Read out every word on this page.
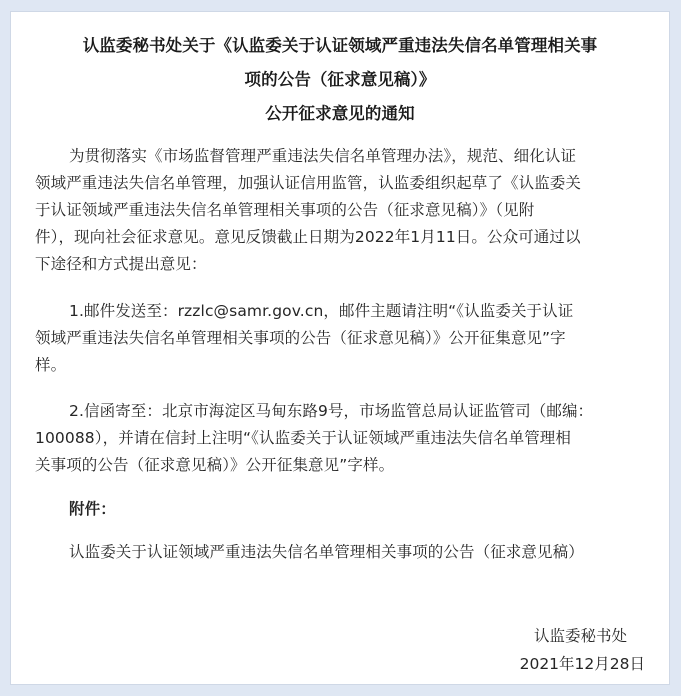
认监委秘书处关于《认监委关于认证领域严重违法失信名单管理相关事
项的公告（征求意见稿）》
公开征求意见的通知
为贯彻落实《市场监督管理严重违法失信名单管理办法》，规范、细化认证
领域严重违法失信名单管理，加强认证信用监管，认监委组织起草了《认监委关
于认证领域严重违法失信名单管理相关事项的公告（征求意见稿）》（见附
件），现向社会征求意见。意见反馈截止日期为2022年1月11日。公众可通过以
下途径和方式提出意见：
1.邮件发送至：rzzlc@samr.gov.cn，邮件主题请注明“《认监委关于认证
领域严重违法失信名单管理相关事项的公告（征求意见稿）》公开征集意见”字
样。
2.信函寄至：北京市海淀区马甸东路9号，市场监管总局认证监管司（邮编：
100088），并请在信封上注明“《认监委关于认证领域严重违法失信名单管理相
关事项的公告（征求意见稿）》公开征集意见”字样。
附件：
认监委关于认证领域严重违法失信名单管理相关事项的公告（征求意见稿）
认监委秘书处
2021年12月28日
